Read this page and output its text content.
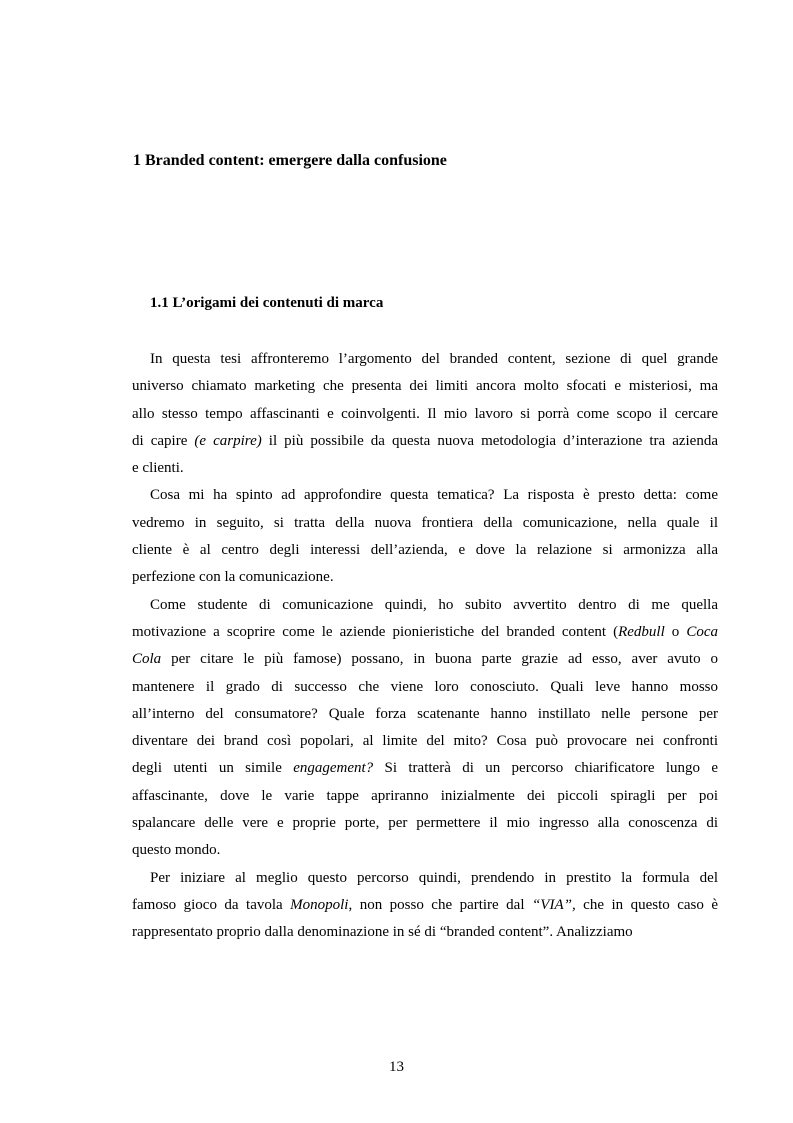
1 Branded content: emergere dalla confusione
1.1 L’origami dei contenuti di marca
In questa tesi affronteremo l’argomento del branded content, sezione di quel grande
universo chiamato marketing che presenta dei limiti ancora molto sfocati e misteriosi, ma
allo stesso tempo affascinanti e coinvolgenti. Il mio lavoro si porrà come scopo il cercare
di capire (e carpire) il più possibile da questa nuova metodologia d’interazione tra azienda
e clienti.
Cosa mi ha spinto ad approfondire questa tematica? La risposta è presto detta: come
vedremo in seguito, si tratta della nuova frontiera della comunicazione, nella quale il
cliente è al centro degli interessi dell’azienda, e dove la relazione si armonizza alla
perfezione con la comunicazione.
Come studente di comunicazione quindi, ho subito avvertito dentro di me quella
motivazione a scoprire come le aziende pionieristiche del branded content (Redbull o Coca
Cola per citare le più famose) possano, in buona parte grazie ad esso, aver avuto o
mantenere il grado di successo che viene loro conosciuto. Quali leve hanno mosso
all’interno del consumatore? Quale forza scatenante hanno instillato nelle persone per
diventare dei brand così popolari, al limite del mito? Cosa può provocare nei confronti
degli utenti un simile engagement? Si tratterà di un percorso chiarificatore lungo e
affascinante, dove le varie tappe apriranno inizialmente dei piccoli spiragli per poi
spalancare delle vere e proprie porte, per permettere il mio ingresso alla conoscenza di
questo mondo.
Per iniziare al meglio questo percorso quindi, prendendo in prestito la formula del
famoso gioco da tavola Monopoli, non posso che partire dal “VIA”, che in questo caso è
rappresentato proprio dalla denominazione in sé di “branded content”. Analizziamo
13
